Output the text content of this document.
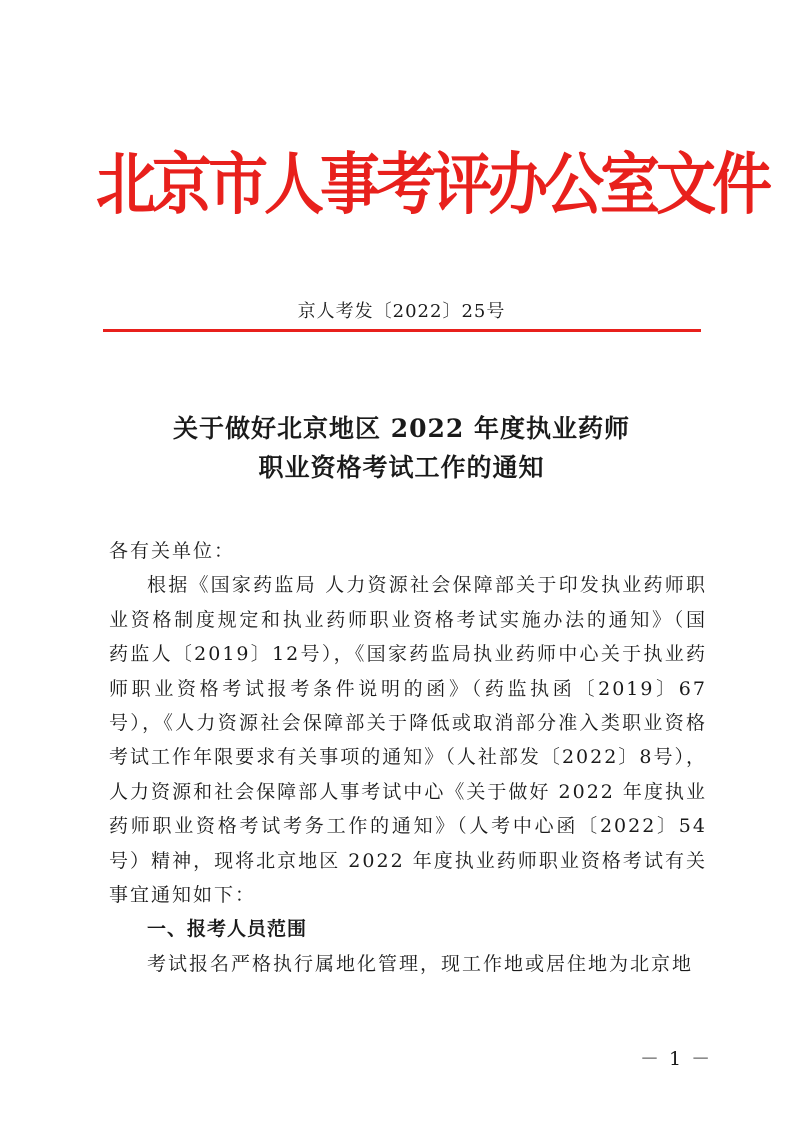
北京市人事考评办公室文件
京人考发〔2022〕25号
关于做好北京地区 2022 年度执业药师
职业资格考试工作的通知
各有关单位：

根据《国家药监局 人力资源社会保障部关于印发执业药师职业资格制度规定和执业药师职业资格考试实施办法的通知》（国药监人〔2019〕12号），《国家药监局执业药师中心关于执业药师职业资格考试报考条件说明的函》（药监执函〔2019〕67号），《人力资源社会保障部关于降低或取消部分准入类职业资格考试工作年限要求有关事项的通知》（人社部发〔2022〕8号），人力资源和社会保障部人事考试中心《关于做好 2022 年度执业药师职业资格考试考务工作的通知》（人考中心函〔2022〕54号）精神，现将北京地区 2022 年度执业药师职业资格考试有关事宜通知如下：

一、报考人员范围

考试报名严格执行属地化管理，现工作地或居住地为北京地

－ 1 －
